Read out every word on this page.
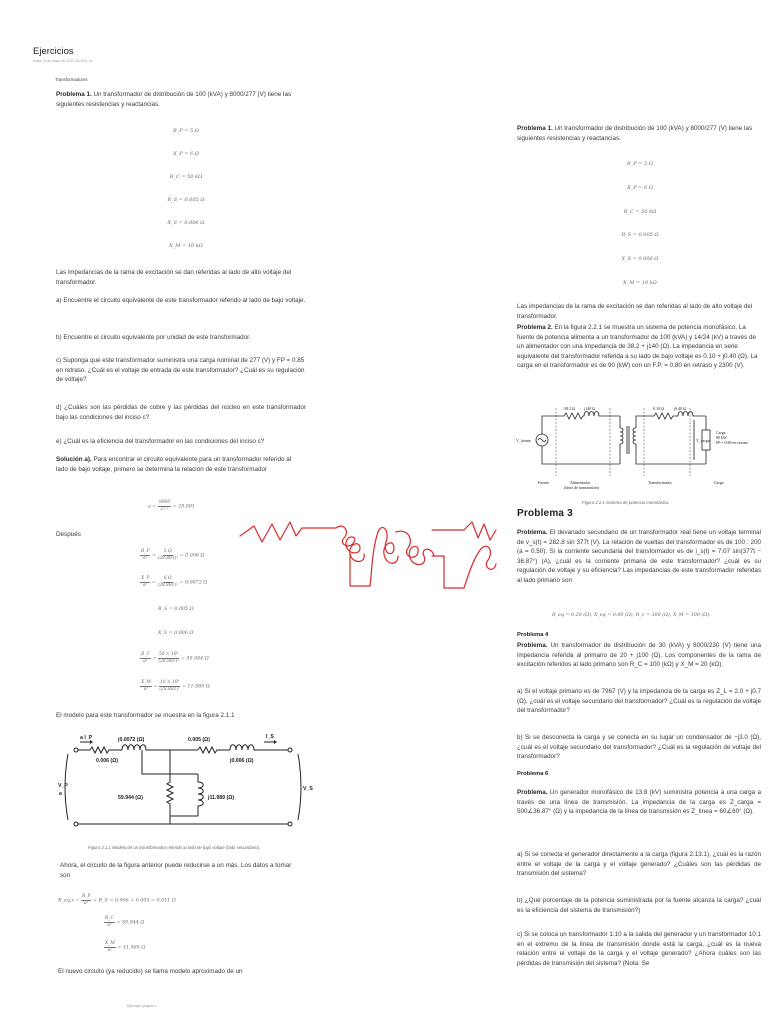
Ejercicios
lunes, 8 de mayo de 2023 10:15 p. m.
Transformadores
Problema 1. Un transformador de distribución de 100 (kVA) y 8000/277 (V) tiene las siguientes resistencias y reactancias.
R_P = 5 Ω
X_P = 6 Ω
R_C = 50 kΩ
R_S = 0.005 Ω
X_S = 0.006 Ω
X_M = 10 kΩ
Las impedancias de la rama de excitación se dan referidas al lado de alto voltaje del transformador.
a) Encuentre el circuito equivalente de este transformador referido al lado de bajo voltaje.
b) Encuentre el circuito equivalente por unidad de este transformador.
c) Suponga que este transformador suministra una carga nominal de 277 (V) y FP = 0.85 en retraso. ¿Cuál es el voltaje de entrada de este transformador? ¿Cuál es su regulación de voltaje?
d) ¿Cuáles son las pérdidas de cobre y las pérdidas del núcleo en este transformador bajo las condiciones del inciso c?
e) ¿Cuál es la eficiencia del transformador en las condiciones del inciso c?
Solución a). Para encontrar el circuito equivalente para un transformador referido al lado de bajo voltaje, primero se determina la relación de este transformador
$a = \frac{8000}{277} = 28.881$
Después
$\frac{R\_P}{\text{a²}} = \frac{5 \Omega}{\text{(28.881)²}} = 0.006$ Ω
$\frac{X\_P}{\text{a²}} = \frac{6 \Omega}{\text{(28.881)²}} = 0.0072$ Ω
R_S = 0.005 Ω
X_S = 0.006 Ω
$\frac{R\_C}{\text{a²}} = \frac{\text{50 × 10³}}{\text{(28.881)²}} = 59.944$ Ω
$\frac{X\_M}{\text{a²}} = \frac{\text{10 × 10³}}{\text{(28.881)²}} = 11.989$ Ω
El modelo para este transformador se muestra en la figura 2.1.1
a I_P	j0.0072 (Ω)	0.005 (Ω)	I_S
0.006 (Ω)	j0.006 (Ω)
59.944 (Ω)	j11.989 (Ω)
V_P
a
V_S
Figura 2.1.1 Modelo de un transformador referido al lado de bajo voltaje (lado secundario).
Ahora, el circuito de la figura anterior puede reducirse a un más. Los datos a tomar son
R_eq,s = $\frac{R\_P}{\text{a²}}$ + R_S = 0.006 + 0.005 = 0.011 Ω
$\frac{R\_C}{\text{a²}} = 59.944$ Ω
$\frac{X\_M}{\text{a²}} = 11.989$ Ω
El nuevo circuito (ya reducido) se llama modelo aproximado de un
Problema 1. Un transformador de distribución de 100 (kVA) y 8000/277 (V) tiene las siguientes resistencias y reactancias.
R_P = 5 Ω
X_P = 6 Ω
R_C = 50 kΩ
R_S = 0.005 Ω
X_S = 0.006 Ω
X_M = 10 kΩ
Las impedancias de la rama de excitación se dan referidas al lado de alto voltaje del transformador.
Problema 2. En la figura 2.2.1 se muestra un sistema de potencia monofásico. La fuente de potencia alimenta a un transformador de 100 (kVA) y 14/24 (kV) a través de un alimentador con una impedancia de 38.2 + j140 (Ω). La impedancia en serie equivalente del transformador referida a su lado de bajo voltaje es 0.10 + j0.40 (Ω). La carga en el transformador es de 90 (kW) con un F.P. = 0.80 en retraso y 2300 (V).
38.2 Ω j140 Ω	0.10 Ω	j0.40 Ω
V_fuente	V_carga
Carga
90 kW
FP = 0.80 en retraso
Fuente	Alimentador
(línea de transmisión)
Transformador	Carga
Figura 2.2.1 Sistema de potencia monofásico.
Problema 3
Problema. El devanado secundario de un transformador real tiene un voltaje terminal de v_s(t) = 282.8 sin 377t (V). La relación de vueltas del transformador es de 100 : 200 (a = 0.50). Si la corriente secundaria del transformador es de i_s(t) = 7.07 sin(377t − 36.87°) (A), ¿cuál es la corriente primaria de este transformador? ¿cuál es su regulación de voltaje y su eficiencia? Las impedancias de este transformador referidas al lado primario son
R_eq = 0.20 (Ω), X_eq = 0.80 (Ω), R_c = 300 (Ω), X_M = 100 (Ω).
Problema 4
Problema. Un transformador de distribución de 30 (kVA) y 8000/230 (V) tiene una impedancia referida al primario de 20 + j100 (Ω). Los componentes de la rama de excitación referidos al lado primario son R_C = 100 (kΩ) y X_M = 20 (kΩ).
a) Si el voltaje primario es de 7967 (V) y la impedancia de la carga es Z_L = 2.0 + j0.7 (Ω), ¿cuál es el voltaje secundario del transformador? ¿Cuál es la regulación de voltaje del transformador?
b) Si se desconecta la carga y se conecta en su lugar un condensador de −j3.0 (Ω), ¿cuál es el voltaje secundario del transformador? ¿Cuál es la regulación de voltaje del transformador?
Problema 6
Problema. Un generador monofásico de 13.8 (kV) suministra potencia a una carga a través de una línea de transmisión. La impedancia de la carga es Z_carga = 500∠36.87° (Ω) y la impedancia de la línea de transmisión es Z_línea = 60∠60° (Ω).
a) Si se conecta el generador directamente a la carga (figura 2.13.1), ¿cuál es la razón entre el voltaje de la carga y el voltaje generado? ¿Cuáles son las pérdidas de transmisión del sistema?
b) ¿Qué porcentaje de la potencia suministrada por la fuente alcanza la carga? ¿cuál es la eficiencia del sistema de transmisión?)
c) Si se coloca un transformador 1:10 a la salida del generador y un transformador 10:1 en el extremo de la línea de transmisión donde está la carga, ¿cuál es la nueva relación entre el voltaje de la carga y el voltaje generado? ¿Ahora cuáles son las pérdidas de transmisión del sistema? (Nota: Se
Ejercicios página 1
